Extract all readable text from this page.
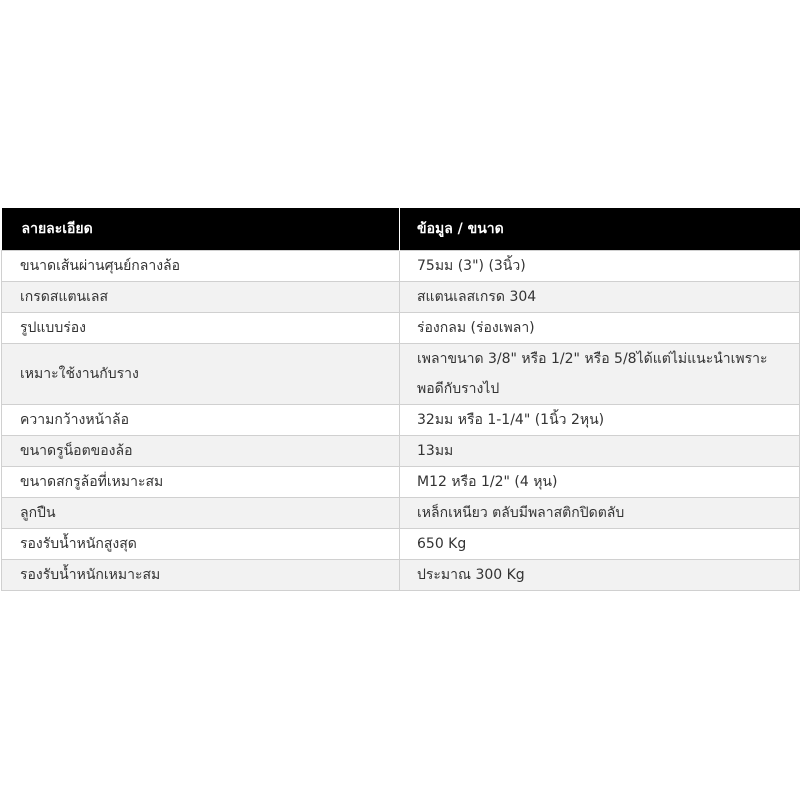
ลายละเอียด	ข้อมูล / ขนาด
ขนาดเส้นผ่านศุนย์กลางล้อ	75มม (3") (3นิ้ว)
เกรดสแตนเลส	สแตนเลสเกรด 304
รูปแบบร่อง	ร่องกลม (ร่องเพลา)
เหมาะใช้งานกับราง	เพลาขนาด 3/8" หรือ 1/2" หรือ 5/8ได้แต่ไม่แนะนำเพราะพอดีกับรางไป
ความกว้างหน้าล้อ	32มม หรือ 1-1/4" (1นิ้ว 2หุน)
ขนาดรูน็อตของล้อ	13มม
ขนาดสกรูล้อที่เหมาะสม	M12 หรือ 1/2" (4 หุน)
ลูกปืน	เหล็กเหนียว ตลับมีพลาสติกปิดตลับ
รองรับน้ำหนักสูงสุด	650 Kg
รองรับน้ำหนักเหมาะสม	ประมาณ 300 Kg
